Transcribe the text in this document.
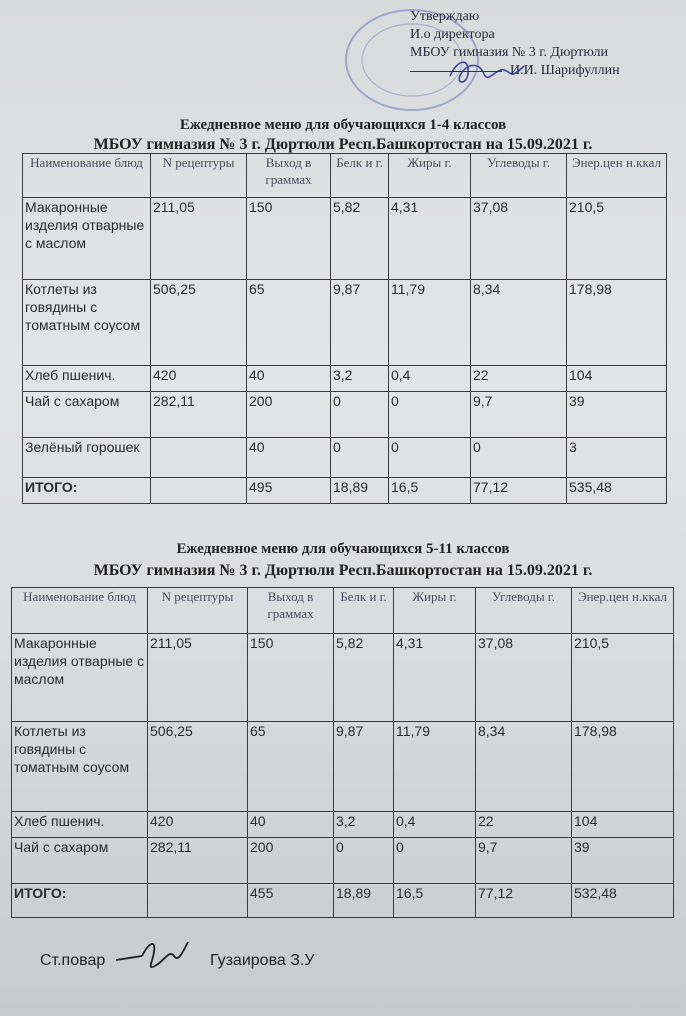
Утверждаю
И.о директора
МБОУ гимназия № 3 г. Дюртюли
И.И. Шарифуллин
Ежедневное меню для обучающихся 1-4 классов
МБОУ гимназия № 3 г. Дюртюли Респ.Башкортостан на 15.09.2021 г.
Наименование блюд	N рецептуры	Выход в граммах	Белк и г.	Жиры г.	Углеводы г.	Энер.цен н.ккал
Макаронные изделия отварные с маслом	211,05	150	5,82	4,31	37,08	210,5
Котлеты из говядины с томатным соусом	506,25	65	9,87	11,79	8,34	178,98
Хлеб пшенич.	420	40	3,2	0,4	22	104
Чай с сахаром	282,11	200	0	0	9,7	39
Зелёный горошек		40	0	0	0	3
ИТОГО:		495	18,89	16,5	77,12	535,48
Ежедневное меню для обучающихся 5-11 классов
МБОУ гимназия № 3 г. Дюртюли Респ.Башкортостан на 15.09.2021 г.
Наименование блюд	N рецептуры	Выход в граммах	Белк и г.	Жиры г.	Углеводы г.	Энер.цен н.ккал
Макаронные изделия отварные с маслом	211,05	150	5,82	4,31	37,08	210,5
Котлеты из говядины с томатным соусом	506,25	65	9,87	11,79	8,34	178,98
Хлеб пшенич.	420	40	3,2	0,4	22	104
Чай с сахаром	282,11	200	0	0	9,7	39
ИТОГО:		455	18,89	16,5	77,12	532,48
Ст.повар	Гузаирова З.У
